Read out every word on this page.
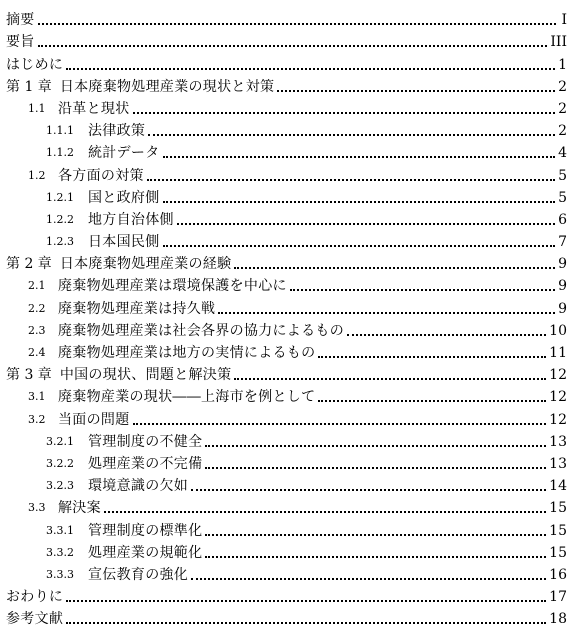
摘要	I
要旨	III
はじめに	1
第 1 章 日本廃棄物処理産業の現状と対策	2
1.1 沿革と現状	2
1.1.1	法律政策	2
1.1.2	統計データ	4
1.2 各方面の対策	5
1.2.1	国と政府側	5
1.2.2	地方自治体側	6
1.2.3	日本国民側	7
第 2 章 日本廃棄物処理産業の経験	9
2.1 廃棄物処理産業は環境保護を中心に	9
2.2 廃棄物処理産業は持久戦	9
2.3 廃棄物処理産業は社会各界の協力によるもの	10
2.4 廃棄物処理産業は地方の実情によるもの	11
第 3 章 中国の現状、問題と解決策	12
3.1 廃棄物産業の現状――上海市を例として	12
3.2 当面の問題	12
3.2.1	管理制度の不健全	13
3.2.2	処理産業の不完備	13
3.2.3	環境意識の欠如	14
3.3 解決案	15
3.3.1	管理制度の標準化	15
3.3.2	処理産業の規範化	15
3.3.3	宣伝教育の強化	16
おわりに	17
参考文献	18
